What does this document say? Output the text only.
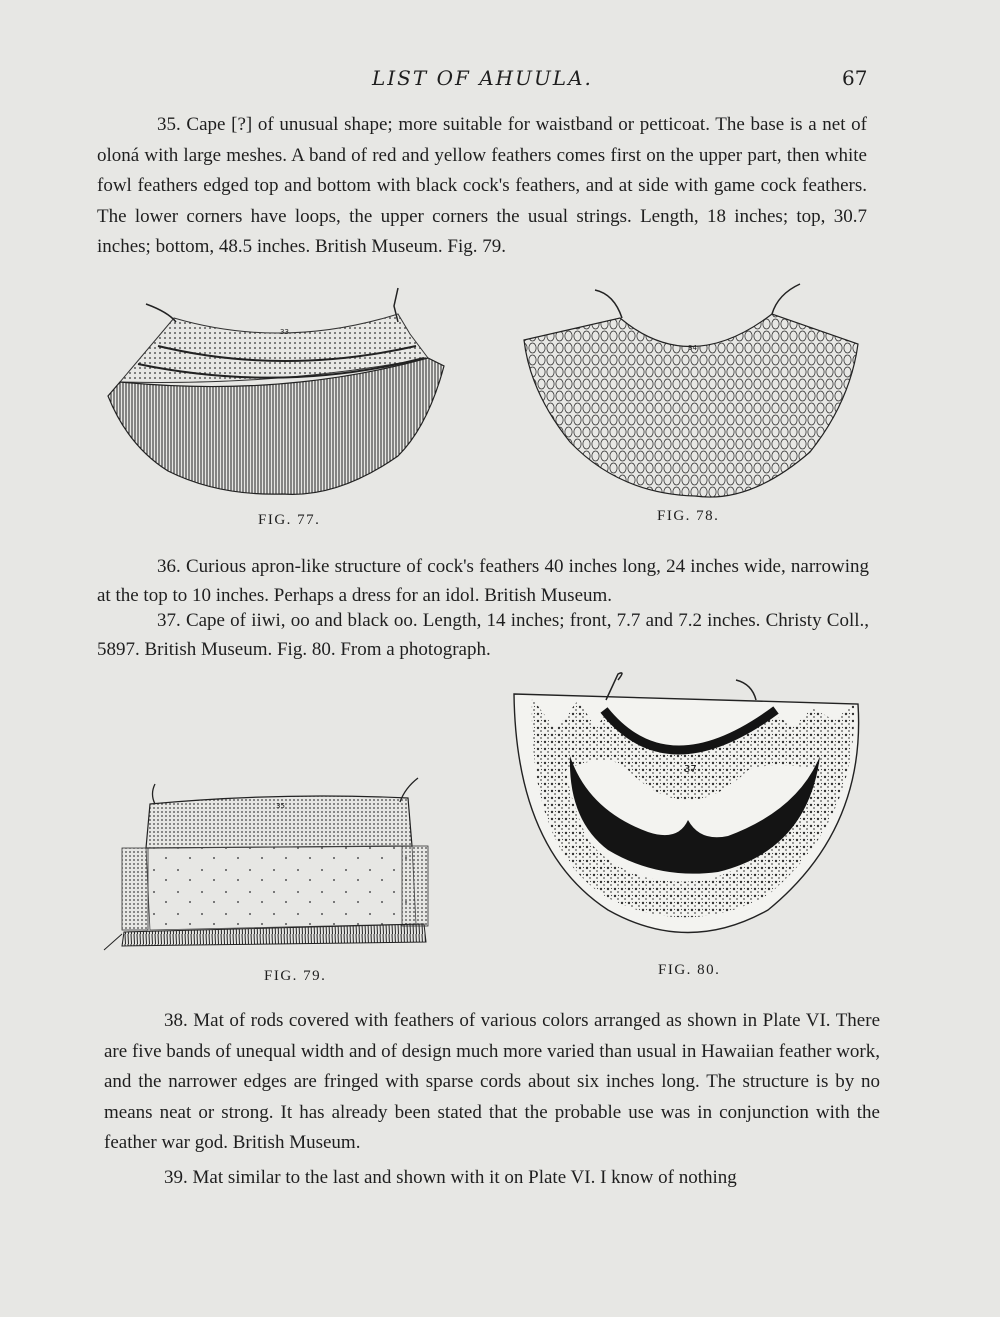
LIST OF AHUULA.	67

35. Cape [?] of unusual shape; more suitable for waistband or petticoat. The base is a net of oloná with large meshes. A band of red and yellow feathers comes first on the upper part, then white fowl feathers edged top and bottom with black cock's feathers, and at side with game cock feathers. The lower corners have loops, the upper corners the usual strings. Length, 18 inches; top, 30.7 inches; bottom, 48.5 inches. British Museum. Fig. 79.

33
FIG. 77.
34
FIG. 78.

36. Curious apron-like structure of cock's feathers 40 inches long, 24 inches wide, narrowing at the top to 10 inches. Perhaps a dress for an idol. British Museum.

37. Cape of iiwi, oo and black oo. Length, 14 inches; front, 7.7 and 7.2 inches. Christy Coll., 5897. British Museum. Fig. 80. From a photograph.

35
FIG. 79.
37
FIG. 80.

38. Mat of rods covered with feathers of various colors arranged as shown in Plate VI. There are five bands of unequal width and of design much more varied than usual in Hawaiian feather work, and the narrower edges are fringed with sparse cords about six inches long. The structure is by no means neat or strong. It has already been stated that the probable use was in conjunction with the feather war god. British Museum.

39. Mat similar to the last and shown with it on Plate VI. I know of nothing
